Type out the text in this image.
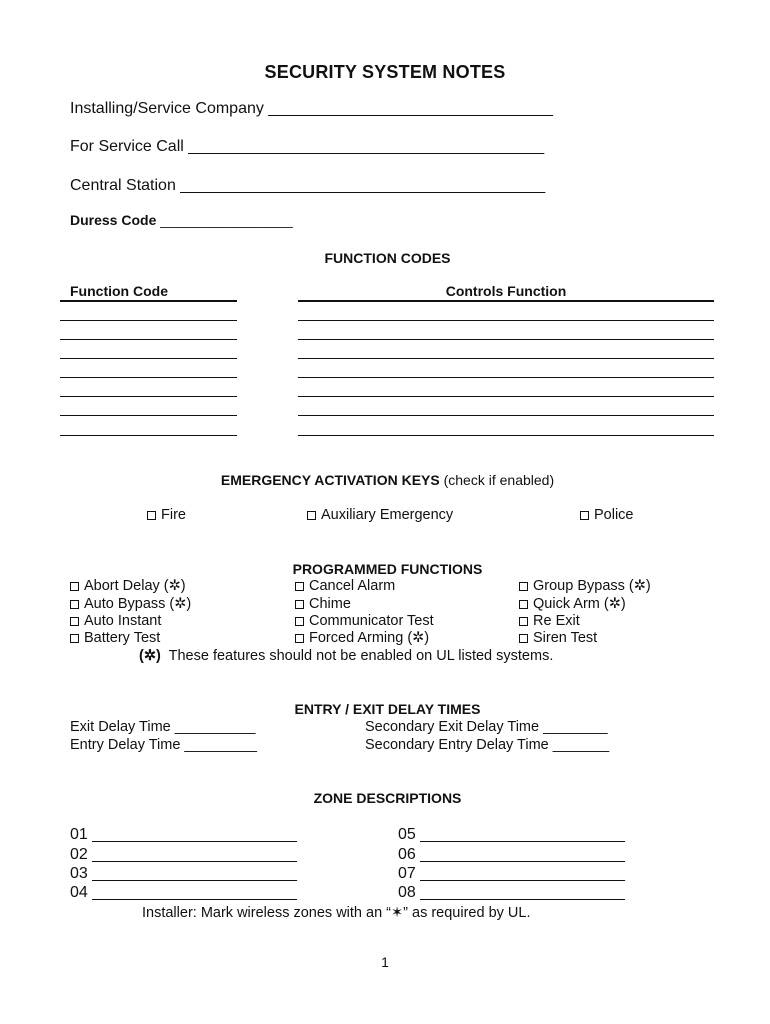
SECURITY SYSTEM NOTES
Installing/Service Company ________________________________
For Service Call ________________________________________
Central Station _________________________________________
Duress Code _________________
FUNCTION CODES
Function Code	Controls Function
EMERGENCY ACTIVATION KEYS (check if enabled)
Fire	Auxiliary Emergency	Police
PROGRAMMED FUNCTIONS
Abort Delay (✲)
Auto Bypass (✲)
Auto Instant
Battery Test
Cancel Alarm
Chime
Communicator Test
Forced Arming (✲)
Group Bypass (✲)
Quick Arm (✲)
Re Exit
Siren Test
(✲) These features should not be enabled on UL listed systems.
ENTRY / EXIT DELAY TIMES
Exit Delay Time __________
Entry Delay Time _________
Secondary Exit Delay Time ________
Secondary Entry Delay Time _______
ZONE DESCRIPTIONS
01 _______________________
02 _______________________
03 _______________________
04 _______________________
05 _______________________
06 _______________________
07 _______________________
08 _______________________
Installer: Mark wireless zones with an “✶” as required by UL.
1
